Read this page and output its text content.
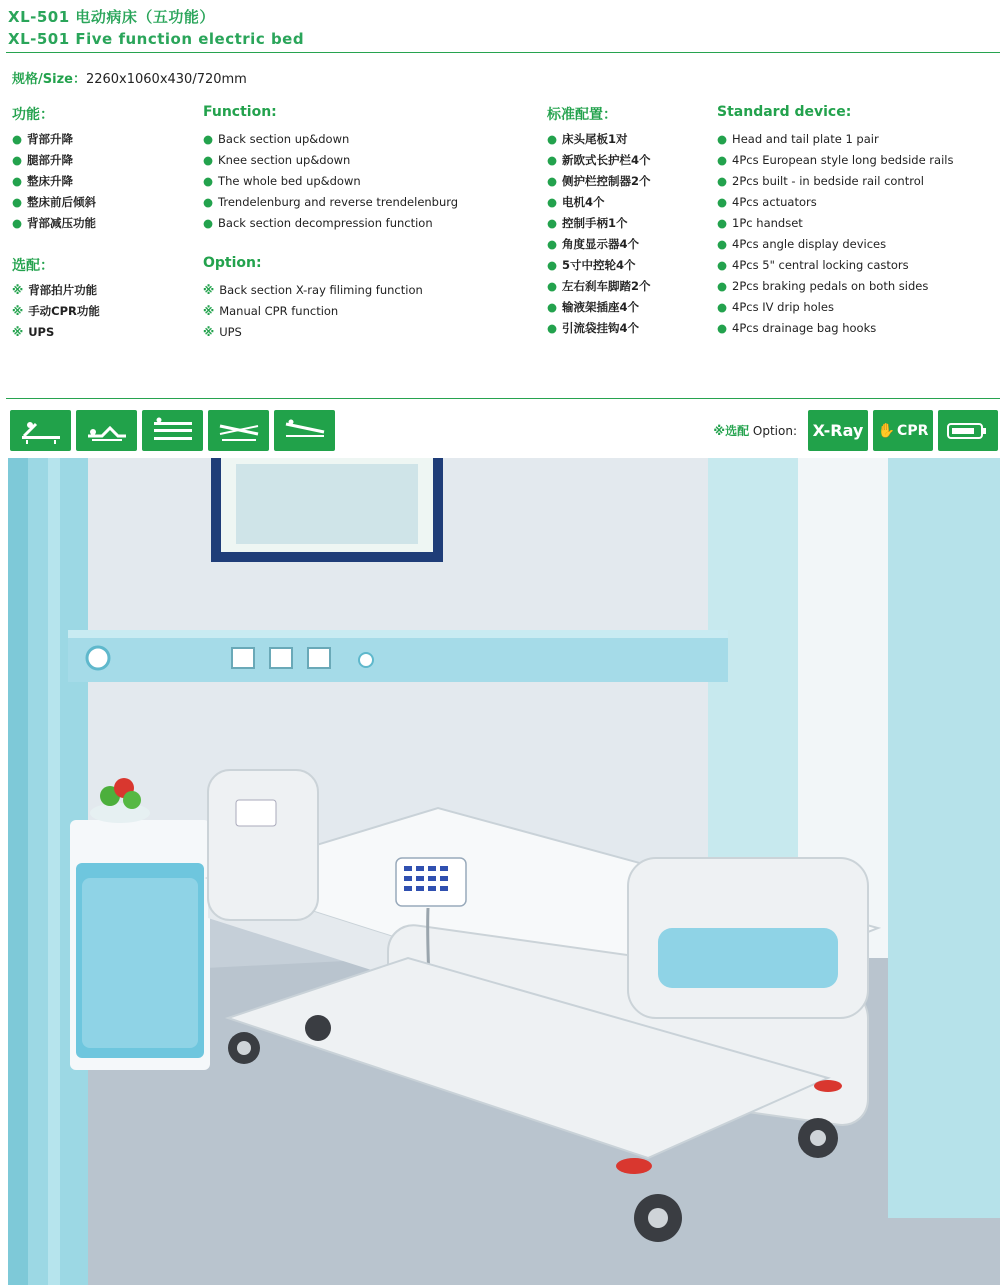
XL-501 电动病床（五功能）
XL-501 Five function electric bed
规格/Size：2260x1060x430/720mm
功能：
● 背部升降
● 腿部升降
● 整床升降
● 整床前后倾斜
● 背部减压功能
选配：
※ 背部拍片功能
※ 手动CPR功能
※ UPS
Function:
● Back section up&down
● Knee section up&down
● The whole bed up&down
● Trendelenburg and reverse trendelenburg
● Back section decompression function
Option:
※ Back section X-ray filiming function
※ Manual CPR function
※ UPS
标准配置：
● 床头尾板1对
● 新欧式长护栏4个
● 侧护栏控制器2个
● 电机4个
● 控制手柄1个
● 角度显示器4个
● 5寸中控轮4个
● 左右刹车脚踏2个
● 输液架插座4个
● 引流袋挂钩4个
Standard device:
● Head and tail plate 1 pair
● 4Pcs European style long bedside rails
● 2Pcs built - in bedside rail control
● 4Pcs actuators
● 1Pc handset
● 4Pcs angle display devices
● 4Pcs 5" central locking castors
● 2Pcs braking pedals on both sides
● 4Pcs IV drip holes
● 4Pcs drainage bag hooks
※选配 Option: X-Ray	✋ CPR
